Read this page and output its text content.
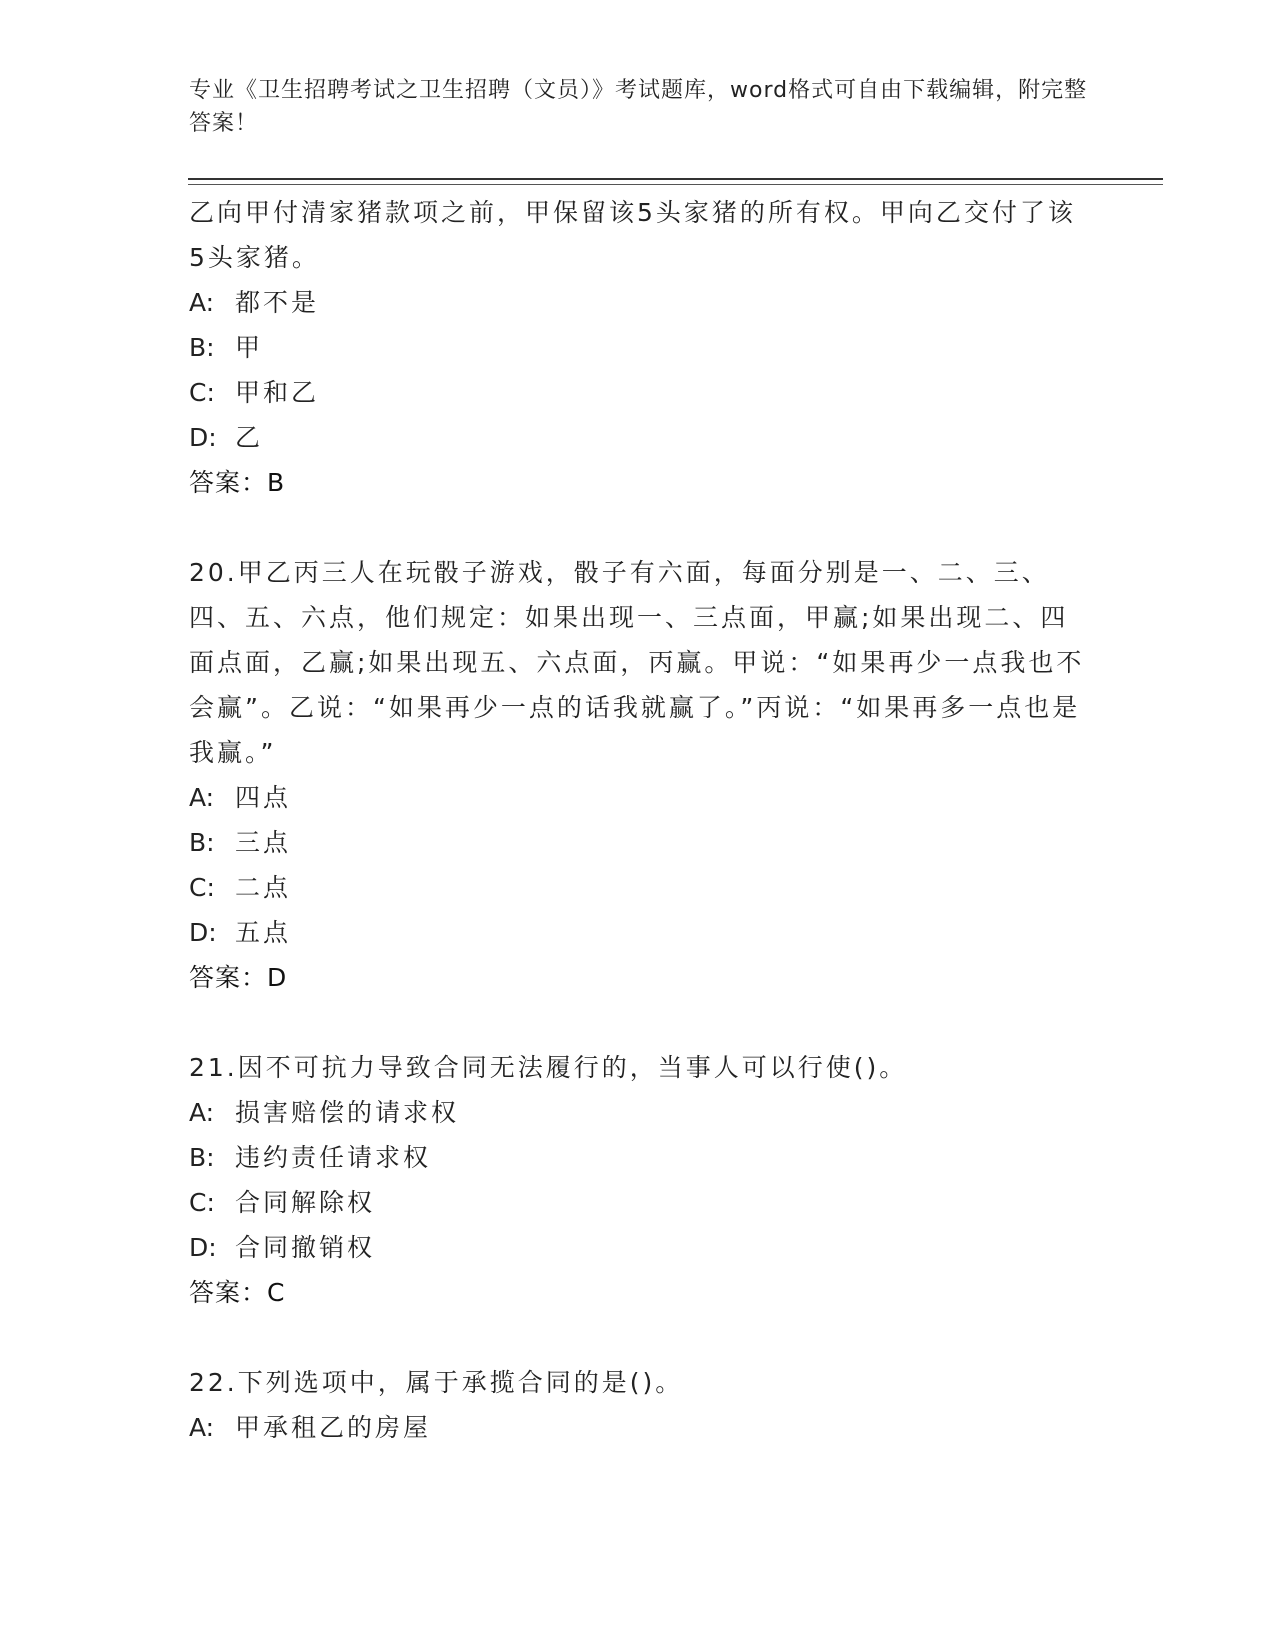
专业《卫生招聘考试之卫生招聘（文员）》考试题库，word格式可自由下载编辑，附完整答案！

乙向甲付清家猪款项之前，甲保留该5头家猪的所有权。甲向乙交付了该5头家猪。

A: 都不是

B: 甲

C: 甲和乙

D: 乙

答案：B

20.甲乙丙三人在玩骰子游戏，骰子有六面，每面分别是一、二、三、四、五、六点，他们规定：如果出现一、三点面，甲赢;如果出现二、四面点面，乙赢;如果出现五、六点面，丙赢。甲说：“如果再少一点我也不会赢”。乙说：“如果再少一点的话我就赢了。”丙说：“如果再多一点也是我赢。”

A: 四点

B: 三点

C: 二点

D: 五点

答案：D

21.因不可抗力导致合同无法履行的，当事人可以行使()。

A: 损害赔偿的请求权

B: 违约责任请求权

C: 合同解除权

D: 合同撤销权

答案：C

22.下列选项中，属于承揽合同的是()。

A: 甲承租乙的房屋
